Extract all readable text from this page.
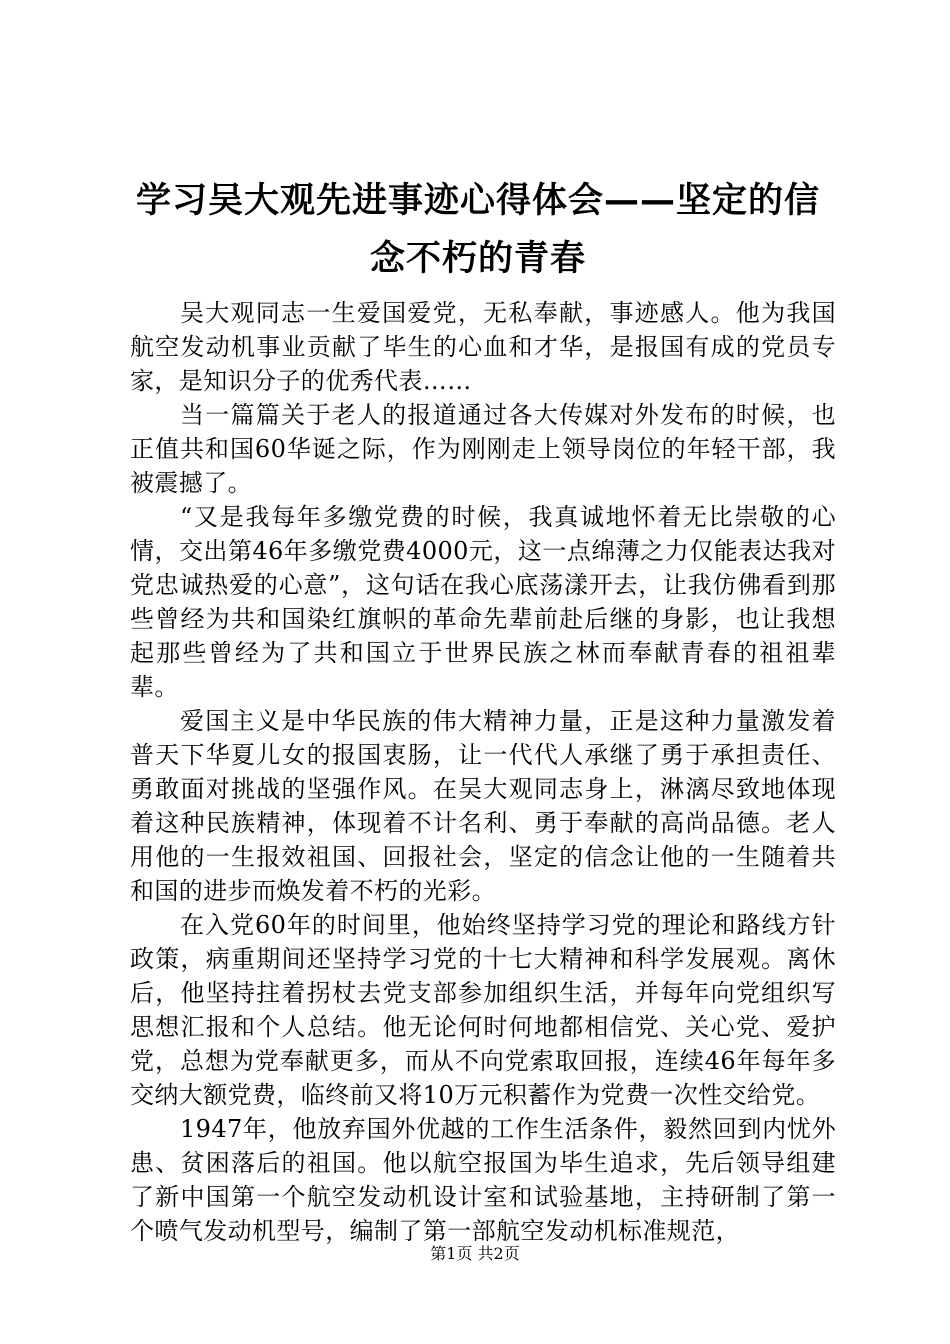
学习吴大观先进事迹心得体会——坚定的信念不朽的青春

吴大观同志一生爱国爱党，无私奉献，事迹感人。他为我国航空发动机事业贡献了毕生的心血和才华，是报国有成的党员专家，是知识分子的优秀代表……

当一篇篇关于老人的报道通过各大传媒对外发布的时候，也正值共和国60华诞之际，作为刚刚走上领导岗位的年轻干部，我被震撼了。

“又是我每年多缴党费的时候，我真诚地怀着无比崇敬的心情，交出第46年多缴党费4000元，这一点绵薄之力仅能表达我对党忠诚热爱的心意”，这句话在我心底荡漾开去，让我仿佛看到那些曾经为共和国染红旗帜的革命先辈前赴后继的身影，也让我想起那些曾经为了共和国立于世界民族之林而奉献青春的祖祖辈辈。

爱国主义是中华民族的伟大精神力量，正是这种力量激发着普天下华夏儿女的报国衷肠，让一代代人承继了勇于承担责任、勇敢面对挑战的坚强作风。在吴大观同志身上，淋漓尽致地体现着这种民族精神，体现着不计名利、勇于奉献的高尚品德。老人用他的一生报效祖国、回报社会，坚定的信念让他的一生随着共和国的进步而焕发着不朽的光彩。

在入党60年的时间里，他始终坚持学习党的理论和路线方针政策，病重期间还坚持学习党的十七大精神和科学发展观。离休后，他坚持拄着拐杖去党支部参加组织生活，并每年向党组织写思想汇报和个人总结。他无论何时何地都相信党、关心党、爱护党，总想为党奉献更多，而从不向党索取回报，连续46年每年多交纳大额党费，临终前又将10万元积蓄作为党费一次性交给党。

1947年，他放弃国外优越的工作生活条件，毅然回到内忧外患、贫困落后的祖国。他以航空报国为毕生追求，先后领导组建了新中国第一个航空发动机设计室和试验基地，主持研制了第一个喷气发动机型号，编制了第一部航空发动机标准规范，

第1页 共2页
